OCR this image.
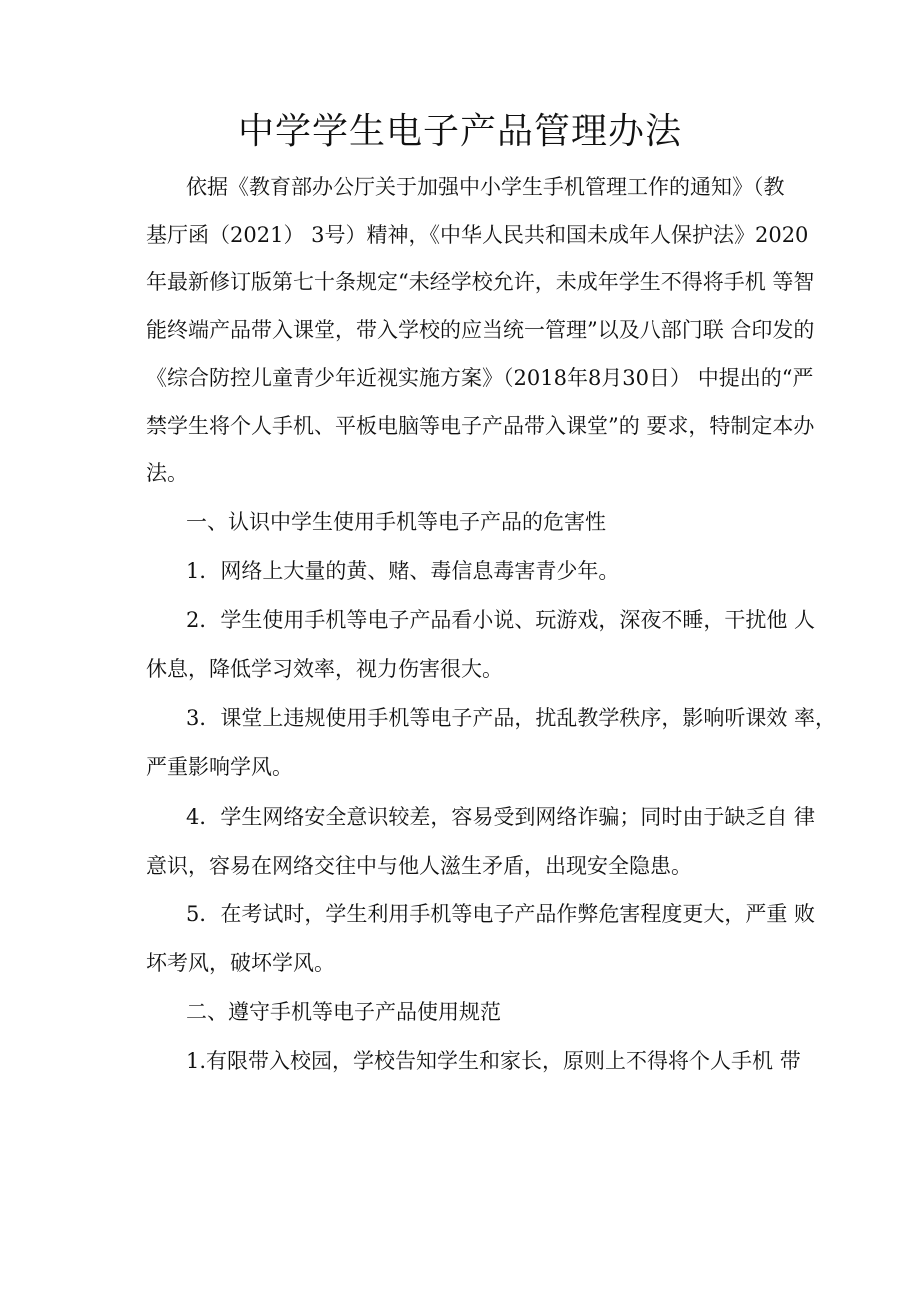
中学学生电子产品管理办法
依据《教育部办公厅关于加强中小学生手机管理工作的通知》（教
基厅函（2021） 3号）精神，《中华人民共和国未成年人保护法》2020
年最新修订版第七十条规定“未经学校允许，未成年学生不得将手机 等智
能终端产品带入课堂，带入学校的应当统一管理”以及八部门联 合印发的
《综合防控儿童青少年近视实施方案》（2018年8月30日） 中提出的“严
禁学生将个人手机、平板电脑等电子产品带入课堂”的 要求，特制定本办
法。
一、认识中学生使用手机等电子产品的危害性
1．网络上大量的黄、赌、毒信息毒害青少年。
2．学生使用手机等电子产品看小说、玩游戏，深夜不睡，干扰他 人
休息，降低学习效率，视力伤害很大。
3．课堂上违规使用手机等电子产品，扰乱教学秩序，影响听课效 率，
严重影响学风。
4．学生网络安全意识较差，容易受到网络诈骗；同时由于缺乏自 律
意识，容易在网络交往中与他人滋生矛盾，出现安全隐患。
5．在考试时，学生利用手机等电子产品作弊危害程度更大，严重 败
坏考风，破坏学风。
二、遵守手机等电子产品使用规范
1.有限带入校园，学校告知学生和家长，原则上不得将个人手机 带
